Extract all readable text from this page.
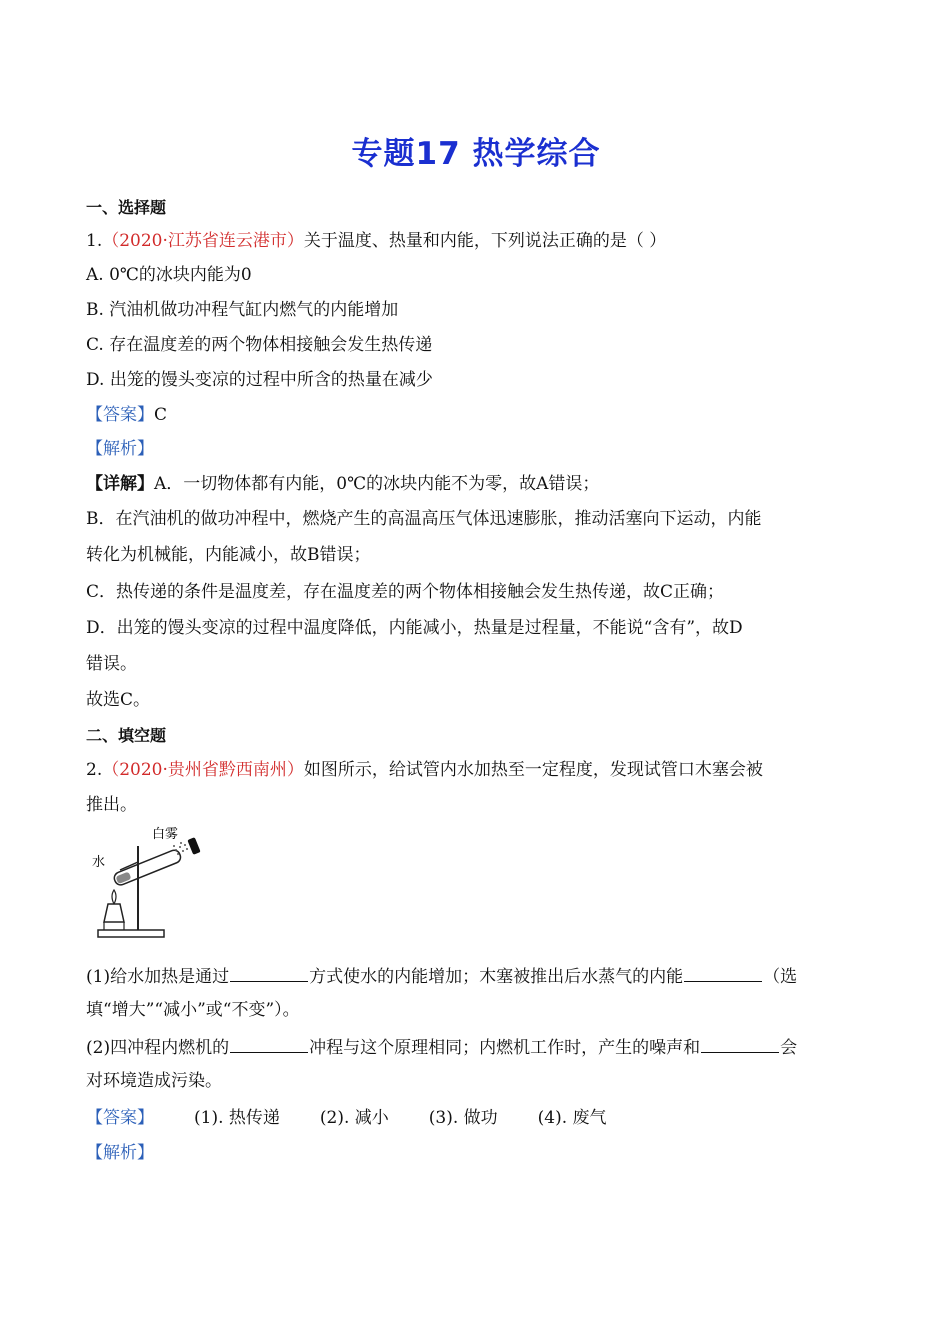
专题17 热学综合
一、选择题
1.（2020·江苏省连云港市）关于温度、热量和内能，下列说法正确的是（ ）
A. 0℃的冰块内能为0
B. 汽油机做功冲程气缸内燃气的内能增加
C. 存在温度差的两个物体相接触会发生热传递
D. 出笼的馒头变凉的过程中所含的热量在减少
【答案】C
【解析】
【详解】A．一切物体都有内能，0℃的冰块内能不为零，故A错误；
B．在汽油机的做功冲程中，燃烧产生的高温高压气体迅速膨胀，推动活塞向下运动，内能
转化为机械能，内能减小，故B错误；
C．热传递的条件是温度差，存在温度差的两个物体相接触会发生热传递，故C正确；
D．出笼的馒头变凉的过程中温度降低，内能减小，热量是过程量，不能说“含有”，故D
错误。
故选C。
二、填空题
2.（2020·贵州省黔西南州）如图所示，给试管内水加热至一定程度，发现试管口木塞会被
推出。
水
白雾
(1)给水加热是通过	方式使水的内能增加；木塞被推出后水蒸气的内能	（选
填“增大”“减小”或“不变”）。
(2)四冲程内燃机的	冲程与这个原理相同；内燃机工作时，产生的噪声和	会
对环境造成污染。
【答案】 (1). 热传递 (2). 减小 (3). 做功 (4). 废气
【解析】
